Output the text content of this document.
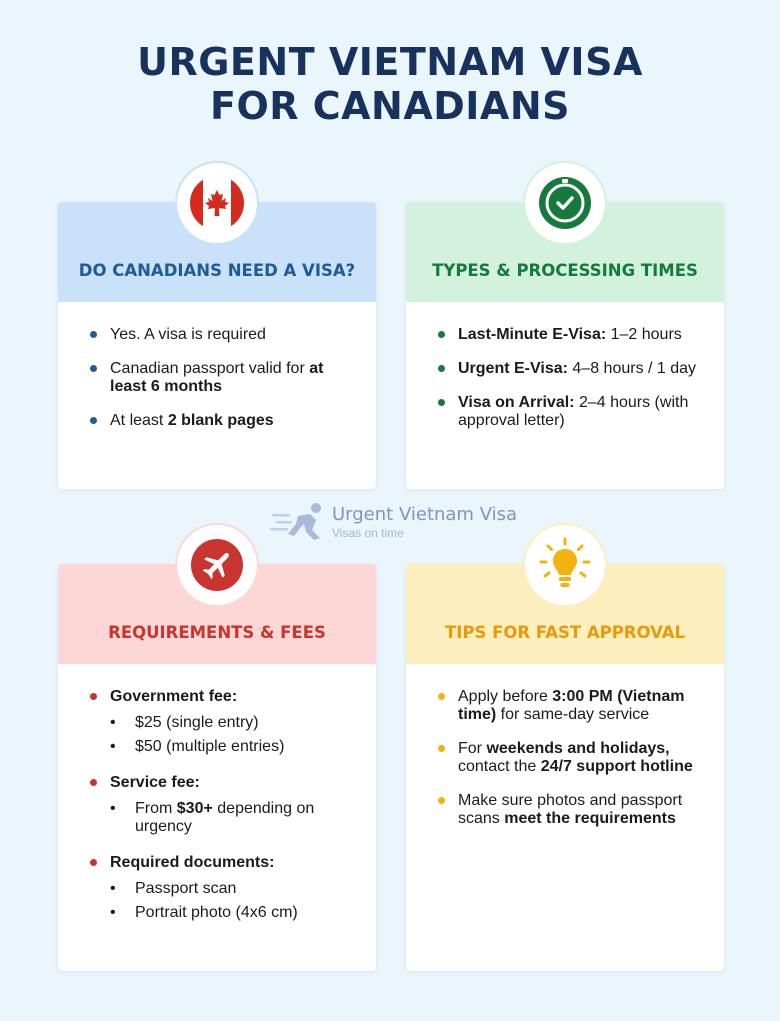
URGENT VIETNAM VISA
FOR CANADIANS
DO CANADIANS NEED A VISA?
Yes. A visa is required
Canadian passport valid for at least 6 months
At least 2 blank pages
TYPES & PROCESSING TIMES
Last-Minute E-Visa: 1–2 hours
Urgent E-Visa: 4–8 hours / 1 day
Visa on Arrival: 2–4 hours (with approval letter)
Urgent Vietnam Visa
Visas on time
REQUIREMENTS & FEES
Government fee:
• $25 (single entry)
• $50 (multiple entries)
Service fee:
• From $30+ depending on urgency
Required documents:
• Passport scan
• Portrait photo (4x6 cm)
TIPS FOR FAST APPROVAL
Apply before 3:00 PM (Vietnam time) for same-day service
For weekends and holidays, contact the 24/7 support hotline
Make sure photos and passport scans meet the requirements
